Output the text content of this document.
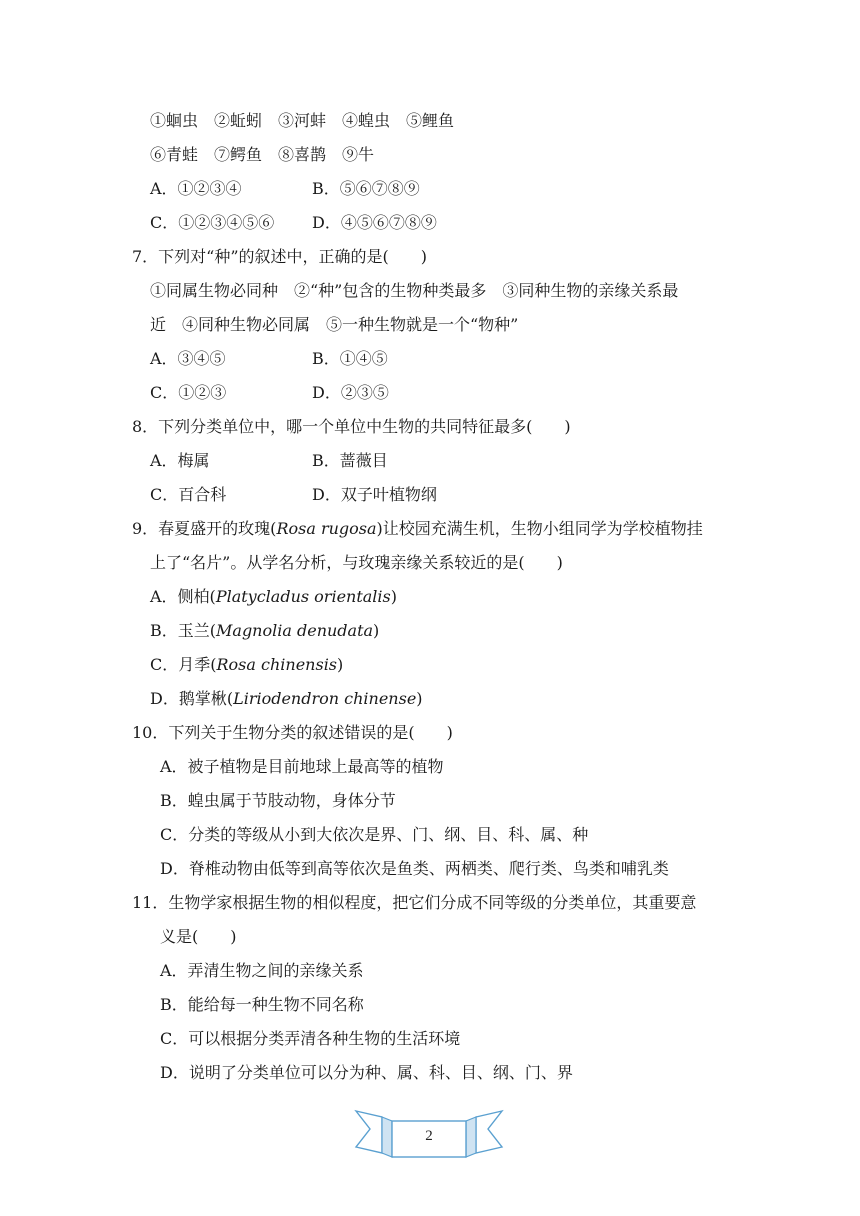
①蛔虫　②蚯蚓　③河蚌　④蝗虫　⑤鲤鱼
⑥青蛙　⑦鳄鱼　⑧喜鹊　⑨牛
A．①②③④	B．⑤⑥⑦⑧⑨
C．①②③④⑤⑥ D．④⑤⑥⑦⑧⑨
7．下列对“种”的叙述中，正确的是(　　)
①同属生物必同种　②“种”包含的生物种类最多　③同种生物的亲缘关系最
近　④同种生物必同属　⑤一种生物就是一个“物种”
A．③④⑤	B．①④⑤
C．①②③	D．②③⑤
8．下列分类单位中，哪一个单位中生物的共同特征最多(　　)
A．梅属	B．蔷薇目
C．百合科	D．双子叶植物纲
9．春夏盛开的玫瑰(Rosa rugosa)让校园充满生机，生物小组同学为学校植物挂
上了“名片”。从学名分析，与玫瑰亲缘关系较近的是(　　)
A．侧柏(Platycladus orientalis)
B．玉兰(Magnolia denudata)
C．月季(Rosa chinensis)
D．鹅掌楸(Liriodendron chinense)
10．下列关于生物分类的叙述错误的是(　　)
A．被子植物是目前地球上最高等的植物
B．蝗虫属于节肢动物，身体分节
C．分类的等级从小到大依次是界、门、纲、目、科、属、种
D．脊椎动物由低等到高等依次是鱼类、两栖类、爬行类、鸟类和哺乳类
11．生物学家根据生物的相似程度，把它们分成不同等级的分类单位，其重要意
义是(　　)
A．弄清生物之间的亲缘关系
B．能给每一种生物不同名称
C．可以根据分类弄清各种生物的生活环境
D．说明了分类单位可以分为种、属、科、目、纲、门、界
2
